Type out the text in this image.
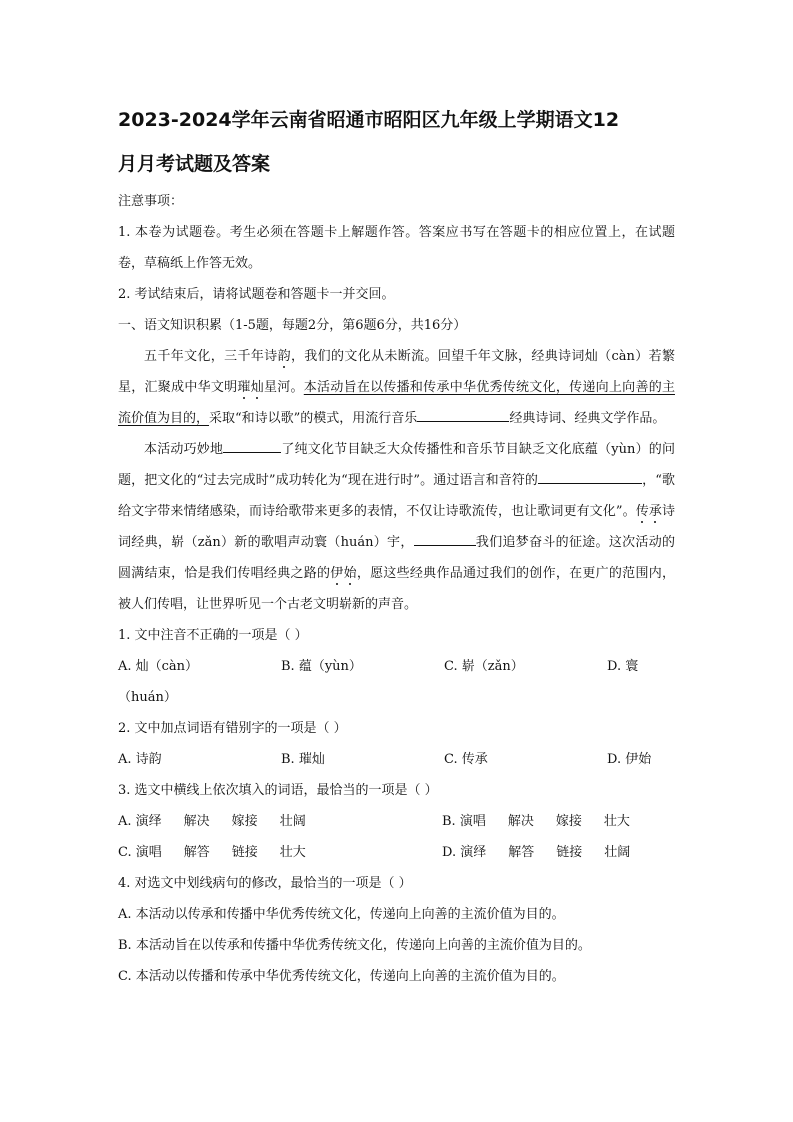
2023-2024学年云南省昭通市昭阳区九年级上学期语文12
月月考试题及答案
注意事项：
1. 本卷为试题卷。考生必须在答题卡上解题作答。答案应书写在答题卡的相应位置上，在试题卷，草稿纸上作答无效。
2. 考试结束后，请将试题卷和答题卡一并交回。
一、语文知识积累（1-5题，每题2分，第6题6分，共16分）
五千年文化，三千年诗韵，我们的文化从未断流。回望千年文脉，经典诗词灿（càn）若繁星，汇聚成中华文明璀灿星河。本活动旨在以传播和传承中华优秀传统文化，传递向上向善的主流价值为目的，采取“和诗以歌”的模式，用流行音乐	经典诗词、经典文学作品。
本活动巧妙地	了纯文化节目缺乏大众传播性和音乐节目缺乏文化底蕴（yùn）的问题，把文化的“过去完成时”成功转化为“现在进行时”。通过语言和音符的	，“歌给文字带来情绪感染，而诗给歌带来更多的表情，不仅让诗歌流传，也让歌词更有文化”。传承诗词经典，崭（zǎn）新的歌唱声动寰（huán）宇，	我们追梦奋斗的征途。这次活动的圆满结束，恰是我们传唱经典之路的伊始，愿这些经典作品通过我们的创作，在更广的范围内，被人们传唱，让世界听见一个古老文明崭新的声音。
1. 文中注音不正确的一项是（ ）
A. 灿（càn）	B. 蕴（yùn）	C. 崭（zǎn）	D. 寰
（huán）
2. 文中加点词语有错别字的一项是（ ）
A. 诗韵	B. 璀灿	C. 传承	D. 伊始
3. 选文中横线上依次填入的词语，最恰当的一项是（ ）
A. 演绎 解决 嫁接 壮阔	B. 演唱 解决 嫁接 壮大
C. 演唱 解答 链接 壮大	D. 演绎 解答 链接 壮阔
4. 对选文中划线病句的修改，最恰当的一项是（ ）
A. 本活动以传承和传播中华优秀传统文化，传递向上向善的主流价值为目的。
B. 本活动旨在以传承和传播中华优秀传统文化，传递向上向善的主流价值为目的。
C. 本活动以传播和传承中华优秀传统文化，传递向上向善的主流价值为目的。
